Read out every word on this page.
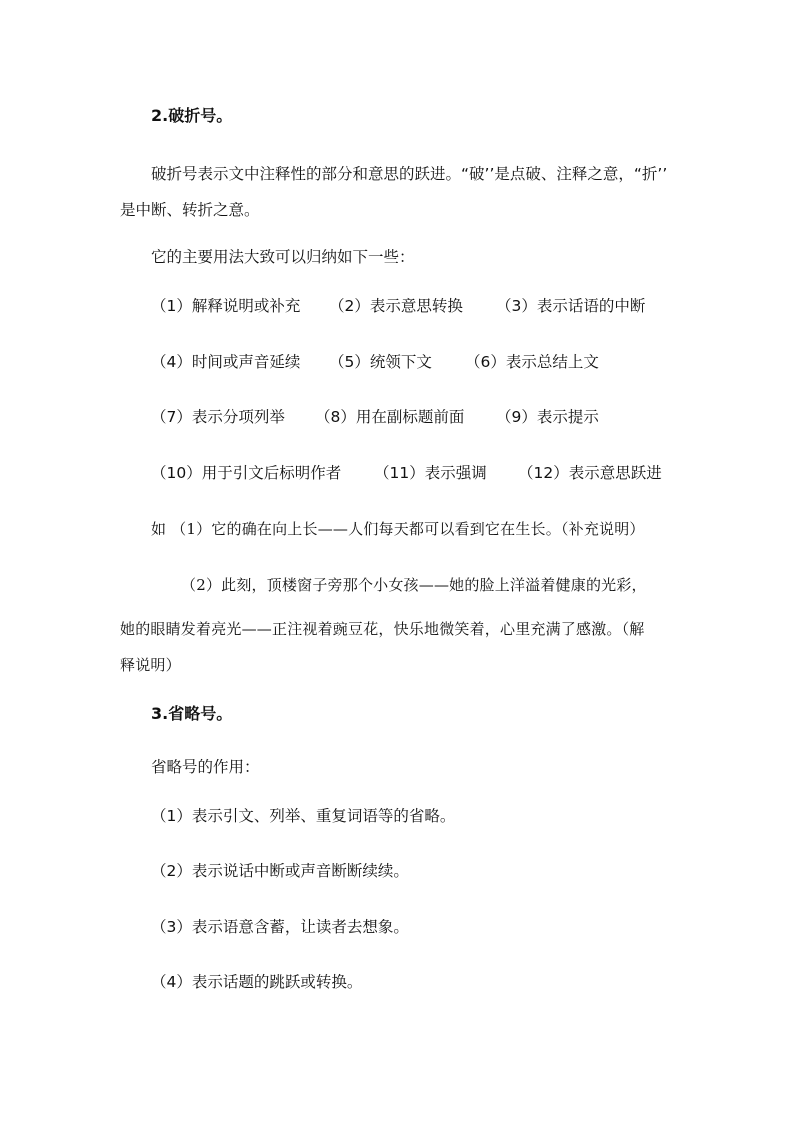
2.破折号。
破折号表示文中注释性的部分和意思的跃进。“破’’是点破、注释之意，“折’’
是中断、转折之意。
它的主要用法大致可以归纳如下一些：
（1）解释说明或补充 （2）表示意思转换 （3）表示话语的中断
（4）时间或声音延续 （5）统领下文 （6）表示总结上文
（7）表示分项列举 （8）用在副标题前面 （9）表示提示
（10）用于引文后标明作者 （11）表示强调 （12）表示意思跃进
如 （1）它的确在向上长——人们每天都可以看到它在生长。（补充说明）
（2）此刻，顶楼窗子旁那个小女孩——她的脸上洋溢着健康的光彩，
她的眼睛发着亮光——正注视着豌豆花，快乐地微笑着，心里充满了感激。（解
释说明）
3.省略号。
省略号的作用：
（1）表示引文、列举、重复词语等的省略。
（2）表示说话中断或声音断断续续。
（3）表示语意含蓄，让读者去想象。
（4）表示话题的跳跃或转换。
